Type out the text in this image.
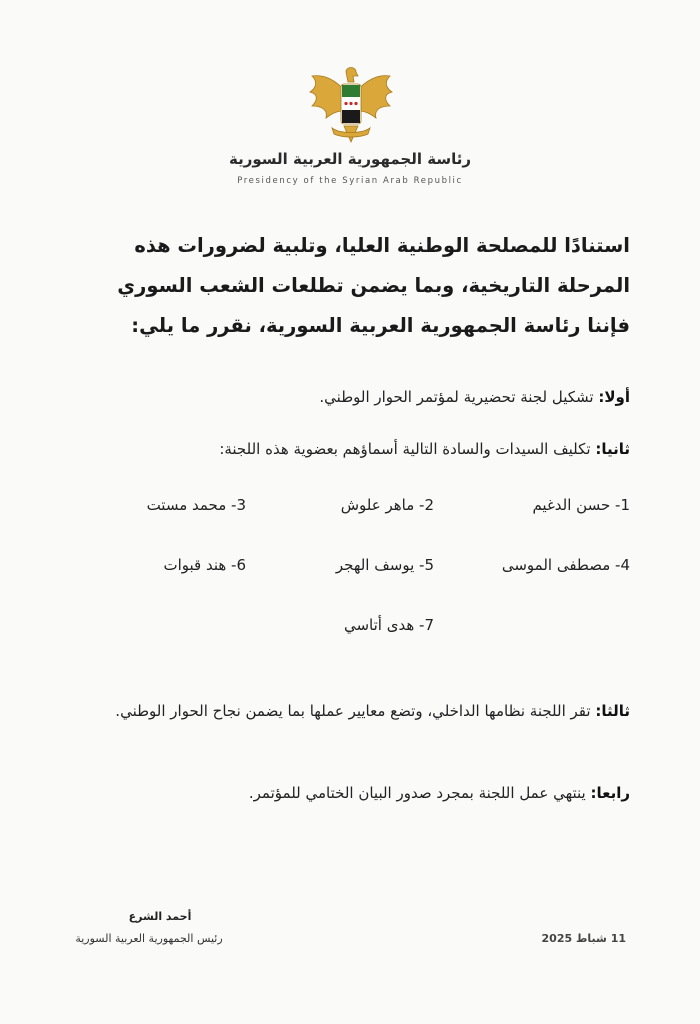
رئاسة الجمهورية العربية السورية
Presidency of the Syrian Arab Republic
استنادًا للمصلحة الوطنية العليا، وتلبية لضرورات هذه
المرحلة التاريخية، وبما يضمن تطلعات الشعب السوري
فإننا رئاسة الجمهورية العربية السورية، نقرر ما يلي:
أولا: تشكيل لجنة تحضيرية لمؤتمر الحوار الوطني.
ثانيا: تكليف السيدات والسادة التالية أسماؤهم بعضوية هذه اللجنة:
1- حسن الدغيم
2- ماهر علوش
3- محمد مستت
4- مصطفى الموسى
5- يوسف الهجر
6- هند قبوات
7- هدى أتاسي
ثالثا: تقر اللجنة نظامها الداخلي، وتضع معايير عملها بما يضمن نجاح الحوار الوطني.
رابعا: ينتهي عمل اللجنة بمجرد صدور البيان الختامي للمؤتمر.
أحمد الشرع
رئيس الجمهورية العربية السورية	11 شباط 2025
